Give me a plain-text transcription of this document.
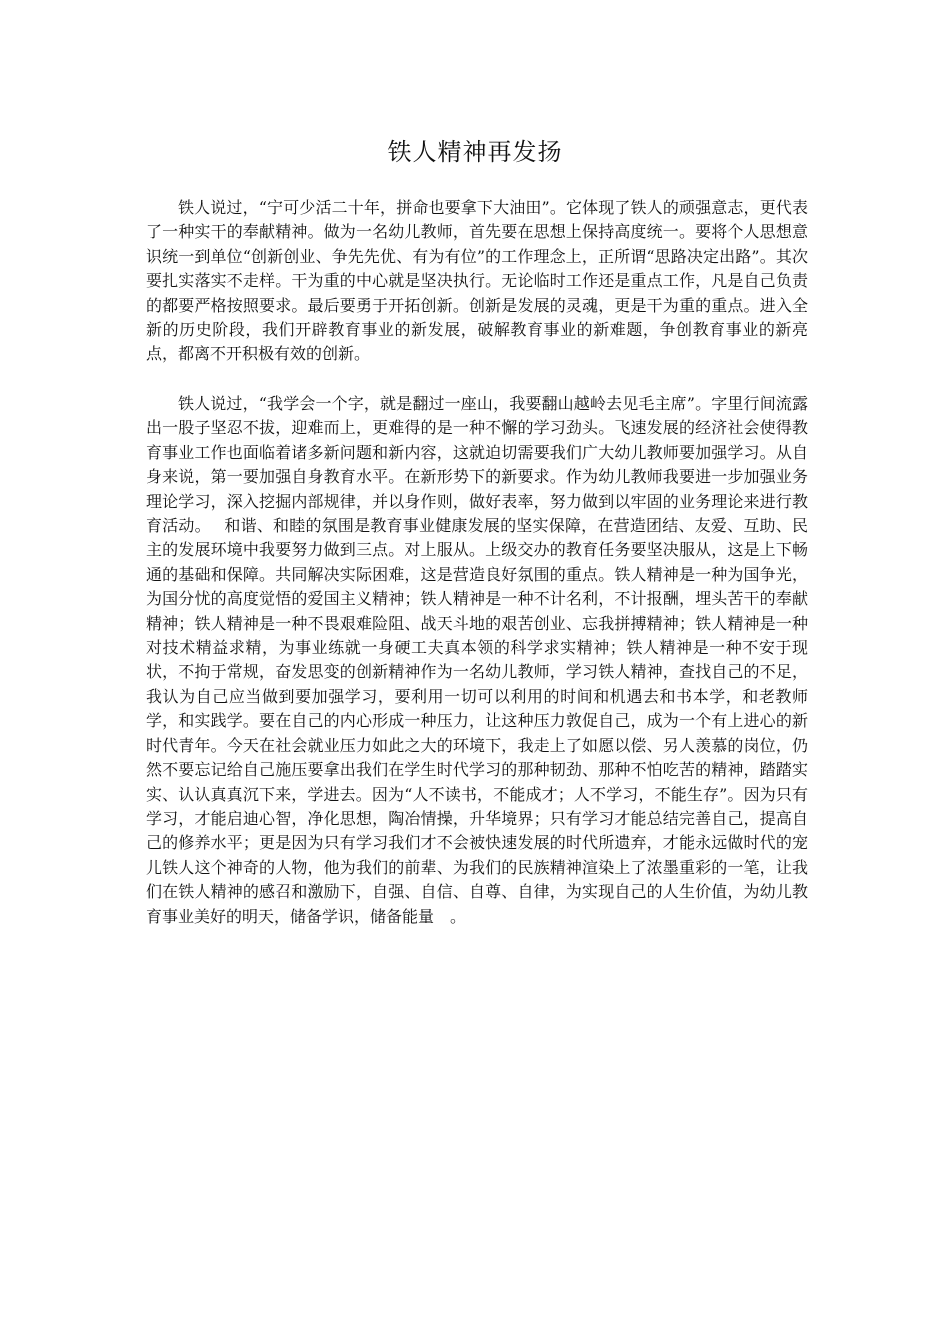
铁人精神再发扬

铁人说过，“宁可少活二十年，拼命也要拿下大油田”。它体现了铁人的顽强意志，更代表了一种实干的奉献精神。做为一名幼儿教师，首先要在思想上保持高度统一。要将个人思想意识统一到单位“创新创业、争先先优、有为有位”的工作理念上，正所谓“思路决定出路”。其次要扎实落实不走样。干为重的中心就是坚决执行。无论临时工作还是重点工作，凡是自己负责的都要严格按照要求。最后要勇于开拓创新。创新是发展的灵魂，更是干为重的重点。进入全新的历史阶段，我们开辟教育事业的新发展，破解教育事业的新难题，争创教育事业的新亮点，都离不开积极有效的创新。

铁人说过，“我学会一个字，就是翻过一座山，我要翻山越岭去见毛主席”。字里行间流露出一股子坚忍不拔，迎难而上，更难得的是一种不懈的学习劲头。飞速发展的经济社会使得教育事业工作也面临着诸多新问题和新内容，这就迫切需要我们广大幼儿教师要加强学习。从自身来说，第一要加强自身教育水平。在新形势下的新要求。作为幼儿教师我要进一步加强业务理论学习，深入挖掘内部规律，并以身作则，做好表率，努力做到以牢固的业务理论来进行教育活动。　 和谐、和睦的氛围是教育事业健康发展的坚实保障，在营造团结、友爱、互助、民主的发展环境中我要努力做到三点。对上服从。上级交办的教育任务要坚决服从，这是上下畅通的基础和保障。共同解决实际困难，这是营造良好氛围的重点。铁人精神是一种为国争光，为国分忧的高度觉悟的爱国主义精神；铁人精神是一种不计名利，不计报酬，埋头苦干的奉献精神；铁人精神是一种不畏艰难险阻、战天斗地的艰苦创业、忘我拼搏精神；铁人精神是一种对技术精益求精，为事业练就一身硬工夫真本领的科学求实精神；铁人精神是一种不安于现状，不拘于常规，奋发思变的创新精神作为一名幼儿教师，学习铁人精神，查找自己的不足，我认为自己应当做到要加强学习，要利用一切可以利用的时间和机遇去和书本学，和老教师学，和实践学。要在自己的内心形成一种压力，让这种压力敦促自己，成为一个有上进心的新时代青年。今天在社会就业压力如此之大的环境下，我走上了如愿以偿、另人羡慕的岗位，仍然不要忘记给自己施压要拿出我们在学生时代学习的那种韧劲、那种不怕吃苦的精神，踏踏实实、认认真真沉下来，学进去。因为“人不读书，不能成才；人不学习，不能生存”。因为只有学习，才能启迪心智，净化思想，陶冶情操，升华境界；只有学习才能总结完善自己，提高自己的修养水平；更是因为只有学习我们才不会被快速发展的时代所遗弃，才能永远做时代的宠儿铁人这个神奇的人物，他为我们的前辈、为我们的民族精神渲染上了浓墨重彩的一笔，让我们在铁人精神的感召和激励下，自强、自信、自尊、自律，为实现自己的人生价值，为幼儿教育事业美好的明天，储备学识，储备能量　。
